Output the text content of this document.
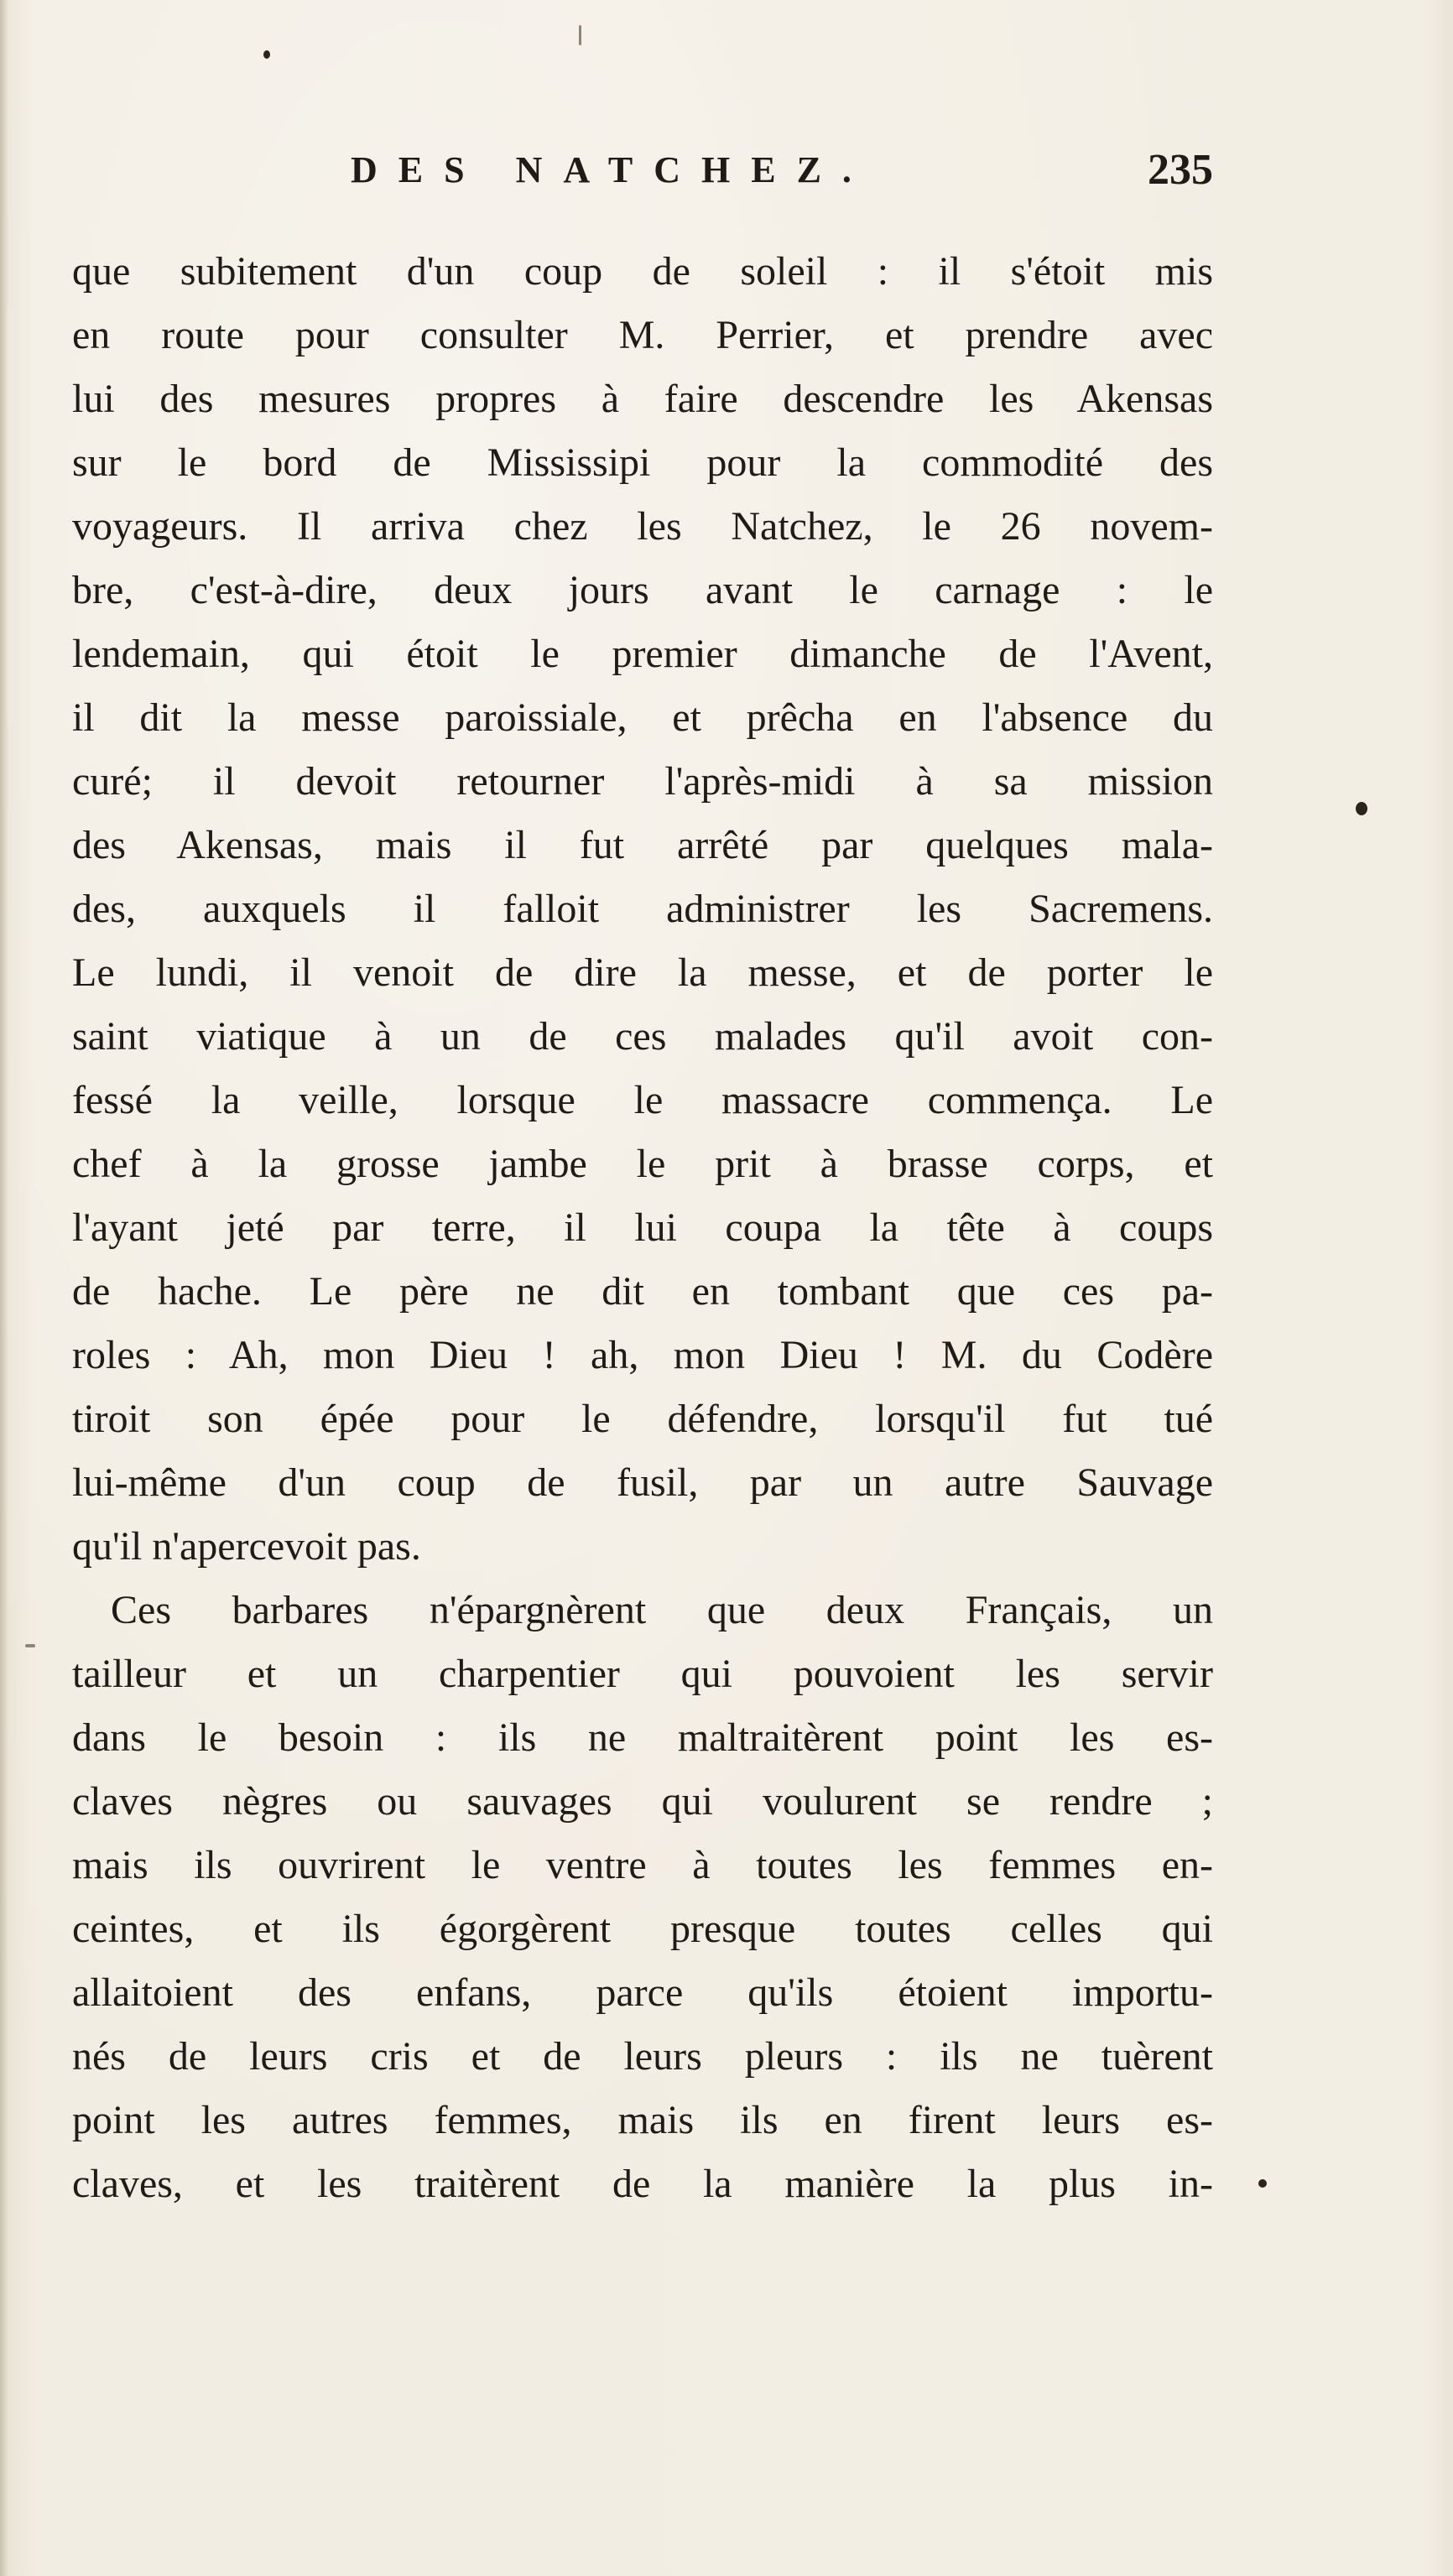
DES NATCHEZ.	235
que subitement d'un coup de soleil : il s'étoit mis
en route pour consulter M. Perrier, et prendre avec
lui des mesures propres à faire descendre les Akensas
sur le bord de Mississipi pour la commodité des
voyageurs. Il arriva chez les Natchez, le 26 novem-
bre, c'est-à-dire, deux jours avant le carnage : le
lendemain, qui étoit le premier dimanche de l'Avent,
il dit la messe paroissiale, et prêcha en l'absence du
curé; il devoit retourner l'après-midi à sa mission
des Akensas, mais il fut arrêté par quelques mala-
des, auxquels il falloit administrer les Sacremens.
Le lundi, il venoit de dire la messe, et de porter le
saint viatique à un de ces malades qu'il avoit con-
fessé la veille, lorsque le massacre commença. Le
chef à la grosse jambe le prit à brasse corps, et
l'ayant jeté par terre, il lui coupa la tête à coups
de hache. Le père ne dit en tombant que ces pa-
roles : Ah, mon Dieu ! ah, mon Dieu ! M. du Codère
tiroit son épée pour le défendre, lorsqu'il fut tué
lui-même d'un coup de fusil, par un autre Sauvage
qu'il n'apercevoit pas.
Ces barbares n'épargnèrent que deux Français, un
tailleur et un charpentier qui pouvoient les servir
dans le besoin : ils ne maltraitèrent point les es-
claves nègres ou sauvages qui voulurent se rendre ;
mais ils ouvrirent le ventre à toutes les femmes en-
ceintes, et ils égorgèrent presque toutes celles qui
allaitoient des enfans, parce qu'ils étoient importu-
nés de leurs cris et de leurs pleurs : ils ne tuèrent
point les autres femmes, mais ils en firent leurs es-
claves, et les traitèrent de la manière la plus in-
